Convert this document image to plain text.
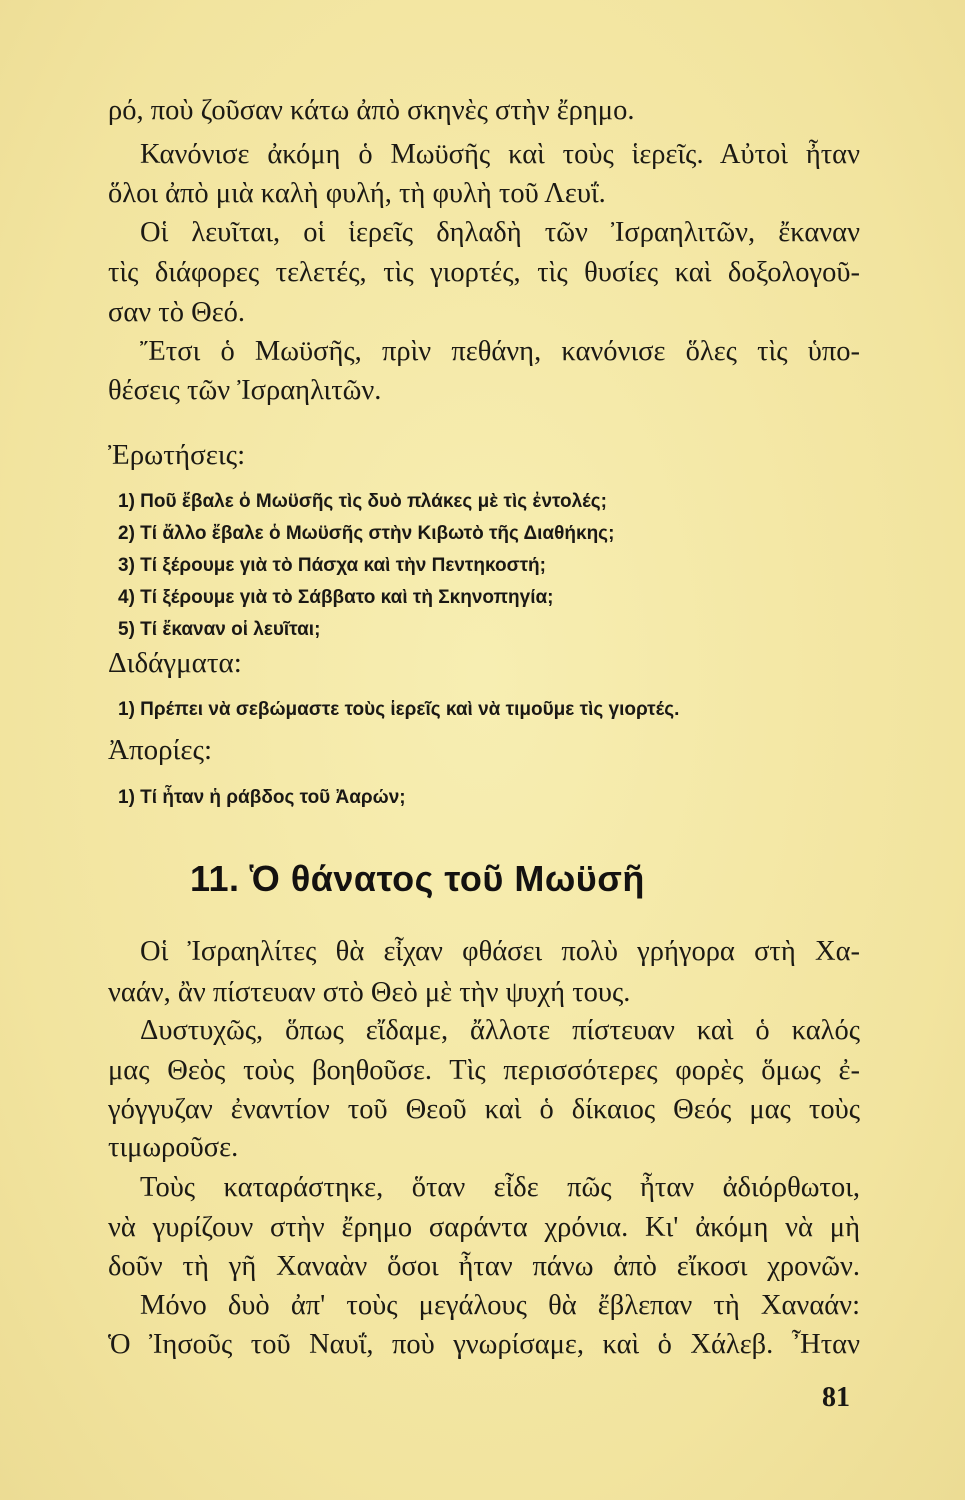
ρό, ποὺ ζοῦσαν κάτω ἀπὸ σκηνὲς στὴν ἔρημο.
Κανόνισε ἀκόμη ὁ Μωϋσῆς καὶ τοὺς ἱερεῖς. Αὐτοὶ ἦταν
ὅλοι ἀπὸ μιὰ καλὴ φυλή, τὴ φυλὴ τοῦ Λευΐ.
Οἱ λευῖται, οἱ ἱερεῖς δηλαδὴ τῶν Ἰσραηλιτῶν, ἔκαναν
τὶς διάφορες τελετές, τὶς γιορτές, τὶς θυσίες καὶ δοξολογοῦ-
σαν τὸ Θεό.
Ἔτσι ὁ Μωϋσῆς, πρὶν πεθάνη, κανόνισε ὅλες τὶς ὑπο-
θέσεις τῶν Ἰσραηλιτῶν.
Ἐρωτήσεις:
1) Ποῦ ἔβαλε ὁ Μωϋσῆς τὶς δυὸ πλάκες μὲ τὶς ἐντολές;
2) Τί ἄλλο ἔβαλε ὁ Μωϋσῆς στὴν Κιβωτὸ τῆς Διαθήκης;
3) Τί ξέρουμε γιὰ τὸ Πάσχα καὶ τὴν Πεντηκοστή;
4) Τί ξέρουμε γιὰ τὸ Σάββατο καὶ τὴ Σκηνοπηγία;
5) Τί ἔκαναν οἱ λευῖται;
Διδάγματα:
1) Πρέπει νὰ σεβώμαστε τοὺς ἱερεῖς καὶ νὰ τιμοῦμε τὶς γιορτές.
Ἀπορίες:
1) Τί ἦταν ἡ ράβδος τοῦ Ἀαρών;
11. Ὁ θάνατος τοῦ Μωϋσῆ
Οἱ Ἰσραηλίτες θὰ εἶχαν φθάσει πολὺ γρήγορα στὴ Χα-
ναάν, ἂν πίστευαν στὸ Θεὸ μὲ τὴν ψυχή τους.
Δυστυχῶς, ὅπως εἴδαμε, ἄλλοτε πίστευαν καὶ ὁ καλός
μας Θεὸς τοὺς βοηθοῦσε. Τὶς περισσότερες φορὲς ὅμως ἐ-
γόγγυζαν ἐναντίον τοῦ Θεοῦ καὶ ὁ δίκαιος Θεός μας τοὺς
τιμωροῦσε.
Τοὺς καταράστηκε, ὅταν εἶδε πῶς ἦταν ἀδιόρθωτοι,
νὰ γυρίζουν στὴν ἔρημο σαράντα χρόνια. Κι' ἀκόμη νὰ μὴ
δοῦν τὴ γῆ Χαναὰν ὅσοι ἦταν πάνω ἀπὸ εἴκοσι χρονῶν.
Μόνο δυὸ ἀπ' τοὺς μεγάλους θὰ ἔβλεπαν τὴ Χαναάν:
Ὁ Ἰησοῦς τοῦ Ναυΐ, ποὺ γνωρίσαμε, καὶ ὁ Χάλεβ. Ἦταν
81
